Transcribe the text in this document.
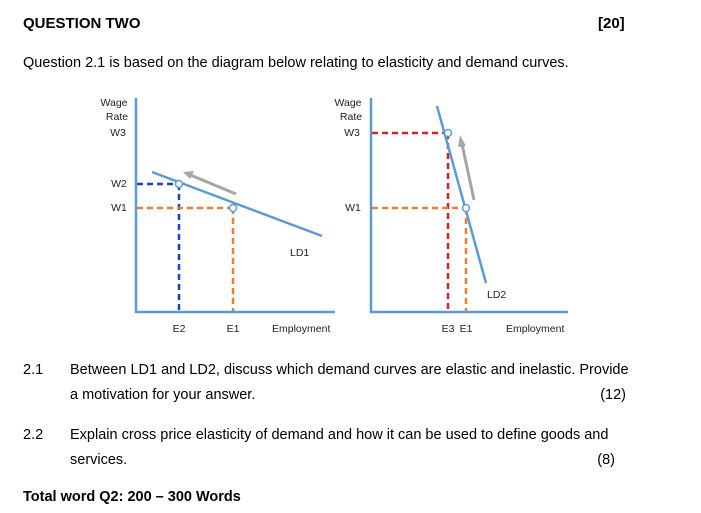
QUESTION TWO	[20]
Question 2.1 is based on the diagram below relating to elasticity and demand curves.
Wage
Rate
W3
W2
W1
E2	E1	Employment
LD1
Wage
Rate
W3
W1
E3 E1	Employment
LD2
2.1	Between LD1 and LD2, discuss which demand curves are elastic and inelastic. Provide
a motivation for your answer.	(12)
2.2	Explain cross price elasticity of demand and how it can be used to define goods and
services.	(8)
Total word Q2: 200 – 300 Words
